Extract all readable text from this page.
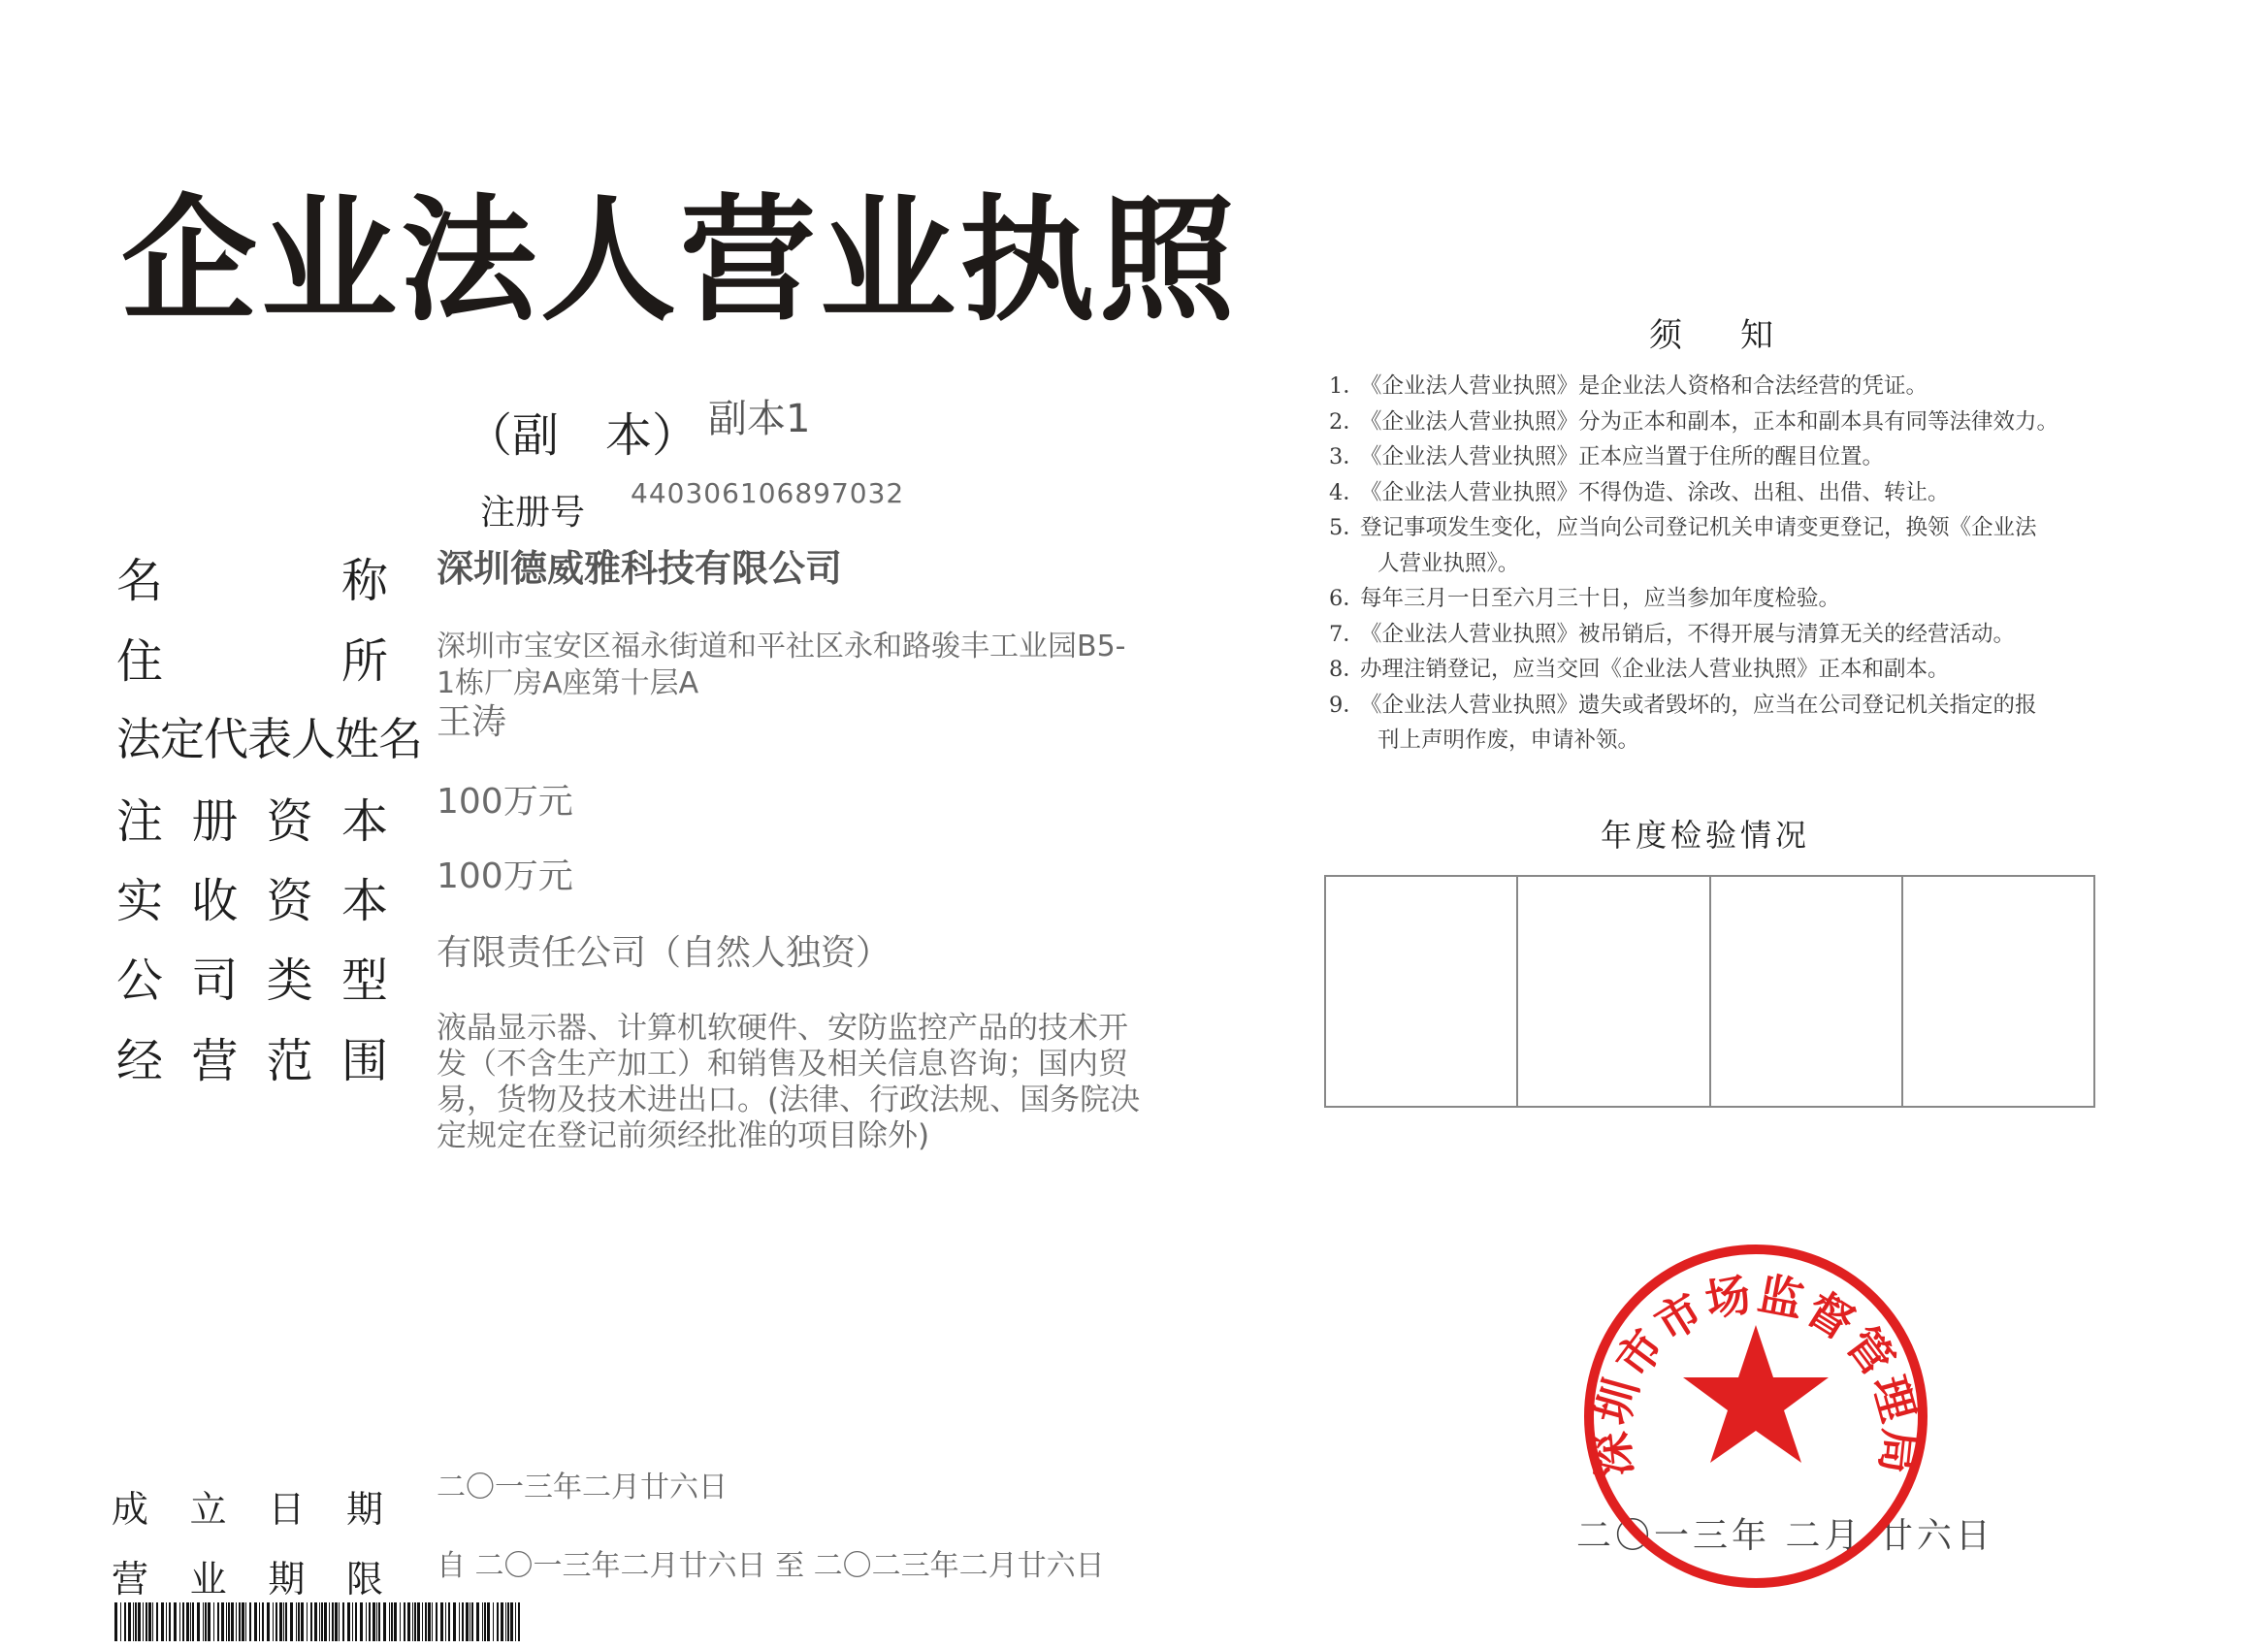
企业法人营业执照
（副　本） 副本1
注册号 440306106897032
名称
住所
法定代表人姓名
注册资本
实收资本
公司类型
经营范围
成立日期
营业期限
深圳德威雅科技有限公司
深圳市宝安区福永街道和平社区永和路骏丰工业园B5-
1栋厂房A座第十层A
王涛
100万元
100万元
有限责任公司（自然人独资）
液晶显示器、计算机软硬件、安防监控产品的技术开
发（不含生产加工）和销售及相关信息咨询；国内贸
易，货物及技术进出口。(法律、行政法规、国务院决
定规定在登记前须经批准的项目除外)
二〇一三年二月廿六日
自 二〇一三年二月廿六日 至 二〇二三年二月廿六日
须知
1．《企业法人营业执照》是企业法人资格和合法经营的凭证。
2．《企业法人营业执照》分为正本和副本，正本和副本具有同等法律效力。
3．《企业法人营业执照》正本应当置于住所的醒目位置。
4．《企业法人营业执照》不得伪造、涂改、出租、出借、转让。
5．登记事项发生变化，应当向公司登记机关申请变更登记，换领《企业法
人营业执照》。
6．每年三月一日至六月三十日，应当参加年度检验。
7．《企业法人营业执照》被吊销后，不得开展与清算无关的经营活动。
8．办理注销登记，应当交回《企业法人营业执照》正本和副本。
9．《企业法人营业执照》遗失或者毁坏的，应当在公司登记机关指定的报
刊上声明作废，申请补领。
年度检验情况
二〇一三年 二月 廿六日
深圳市市场监督管理局
